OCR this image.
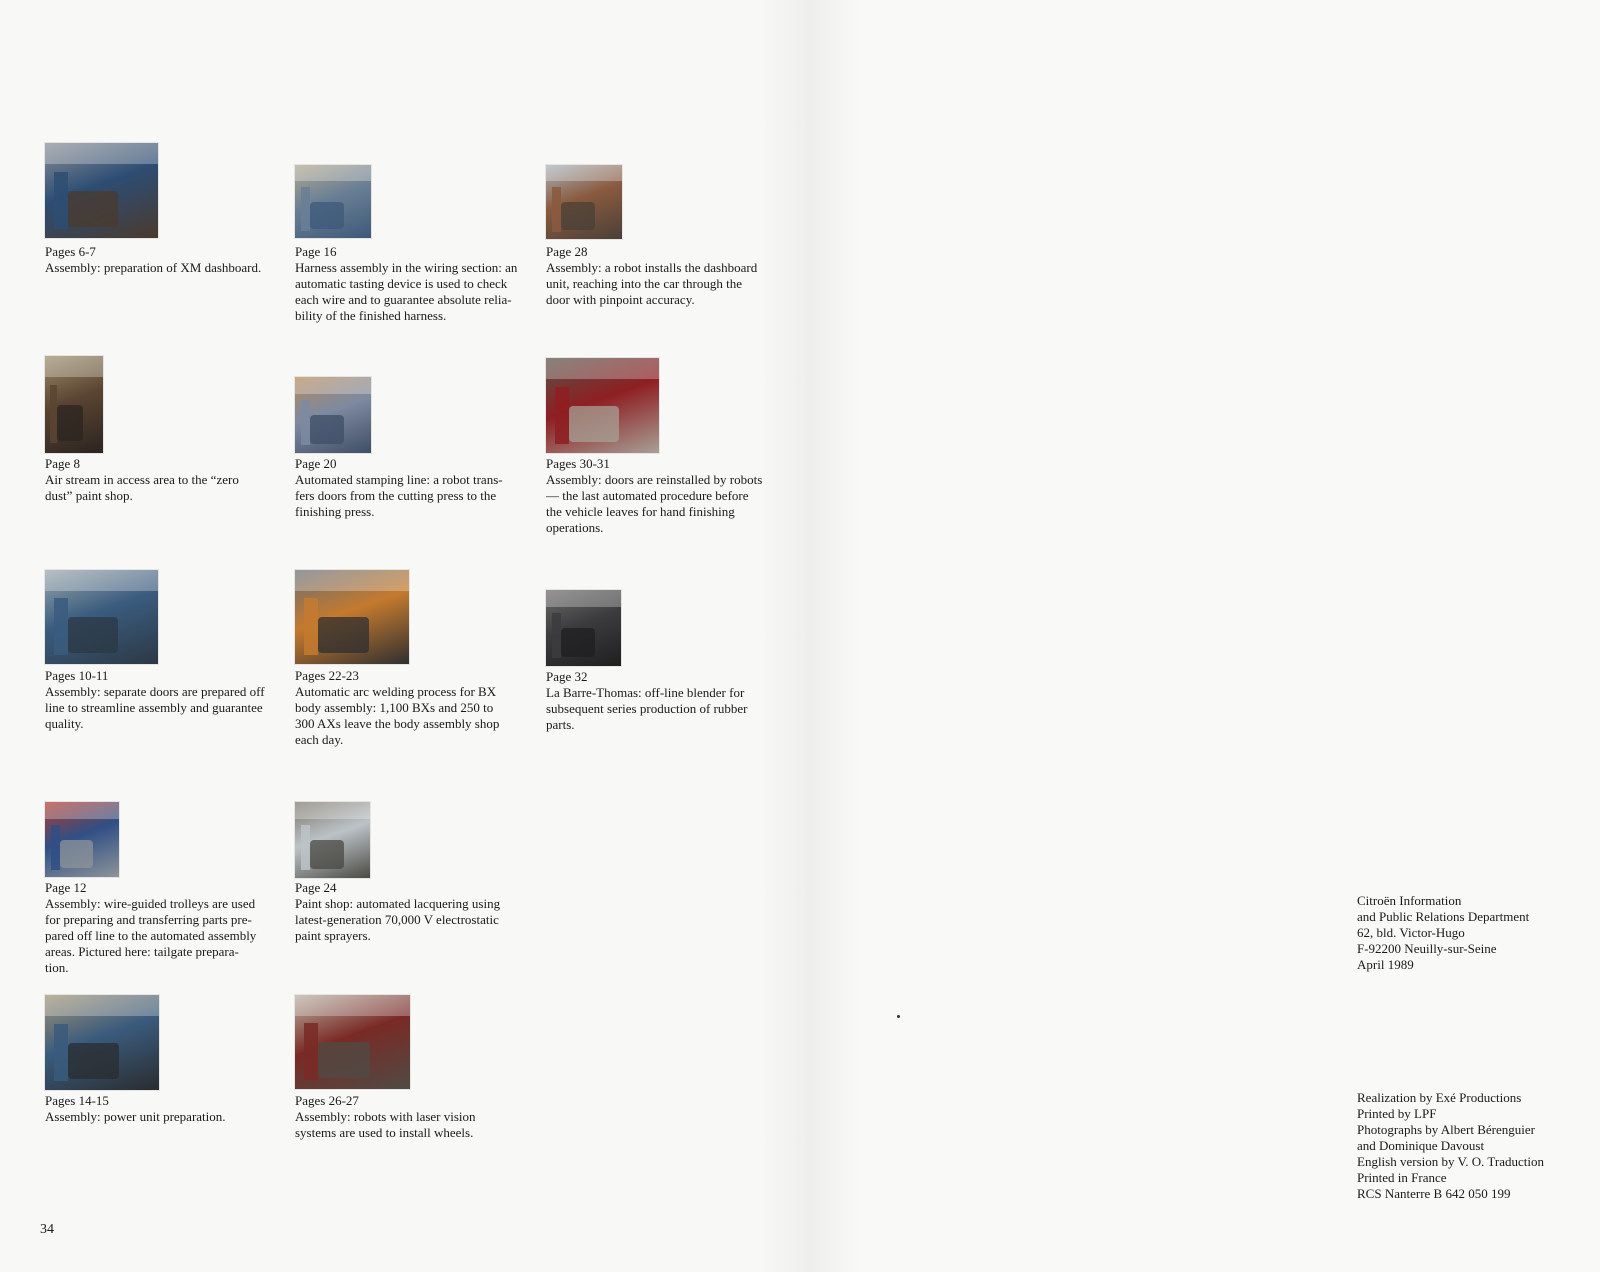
Pages 6-7
Assembly: preparation of XM dashboard.
Page 16
Harness assembly in the wiring section: an
automatic tasting device is used to check
each wire and to guarantee absolute relia-
bility of the finished harness.
Page 28
Assembly: a robot installs the dashboard
unit, reaching into the car through the
door with pinpoint accuracy.
Page 8
Air stream in access area to the “zero
dust” paint shop.
Page 20
Automated stamping line: a robot trans-
fers doors from the cutting press to the
finishing press.
Pages 30-31
Assembly: doors are reinstalled by robots
— the last automated procedure before
the vehicle leaves for hand finishing
operations.
Pages 10-11
Assembly: separate doors are prepared off
line to streamline assembly and guarantee
quality.
Pages 22-23
Automatic arc welding process for BX
body assembly: 1,100 BXs and 250 to
300 AXs leave the body assembly shop
each day.
Page 32
La Barre-Thomas: off-line blender for
subsequent series production of rubber
parts.
Page 12
Assembly: wire-guided trolleys are used
for preparing and transferring parts pre-
pared off line to the automated assembly
areas. Pictured here: tailgate prepara-
tion.
Page 24
Paint shop: automated lacquering using
latest-generation 70,000 V electrostatic
paint sprayers.
Pages 14-15
Assembly: power unit preparation.
Pages 26-27
Assembly: robots with laser vision
systems are used to install wheels.
34
Citroën Information
and Public Relations Department
62, bld. Victor-Hugo
F-92200 Neuilly-sur-Seine
April 1989
Realization by Exé Productions
Printed by LPF
Photographs by Albert Bérenguier
and Dominique Davoust
English version by V. O. Traduction
Printed in France
RCS Nanterre B 642 050 199
